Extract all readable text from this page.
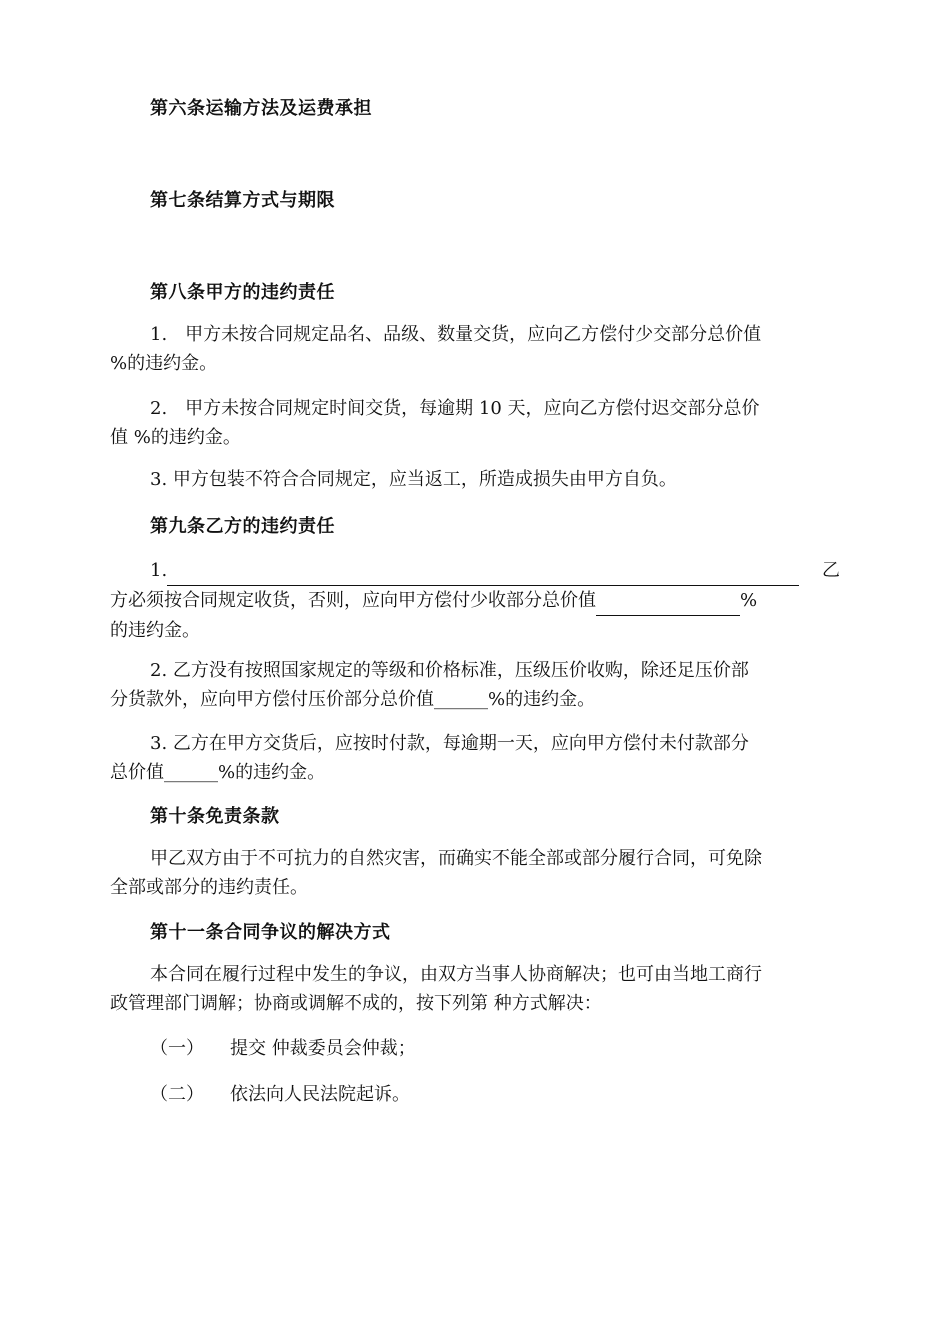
第六条运输方法及运费承担
第七条结算方式与期限
第八条甲方的违约责任
1.　甲方未按合同规定品名、品级、数量交货，应向乙方偿付少交部分总价值
%的违约金。
2.　甲方未按合同规定时间交货，每逾期 10 天，应向乙方偿付迟交部分总价
值 %的违约金。
3. 甲方包装不符合合同规定，应当返工，所造成损失由甲方自负。
第九条乙方的违约责任
1.	乙
方必须按合同规定收货，否则，应向甲方偿付少收部分总价值	%
的违约金。
2. 乙方没有按照国家规定的等级和价格标准，压级压价收购，除还足压价部
分货款外，应向甲方偿付压价部分总价值______%的违约金。
3. 乙方在甲方交货后，应按时付款，每逾期一天，应向甲方偿付未付款部分
总价值______%的违约金。
第十条免责条款
甲乙双方由于不可抗力的自然灾害，而确实不能全部或部分履行合同，可免除
全部或部分的违约责任。
第十一条合同争议的解决方式
本合同在履行过程中发生的争议，由双方当事人协商解决；也可由当地工商行
政管理部门调解；协商或调解不成的，按下列第 种方式解决：
（一） 提交 仲裁委员会仲裁；
（二） 依法向人民法院起诉。
